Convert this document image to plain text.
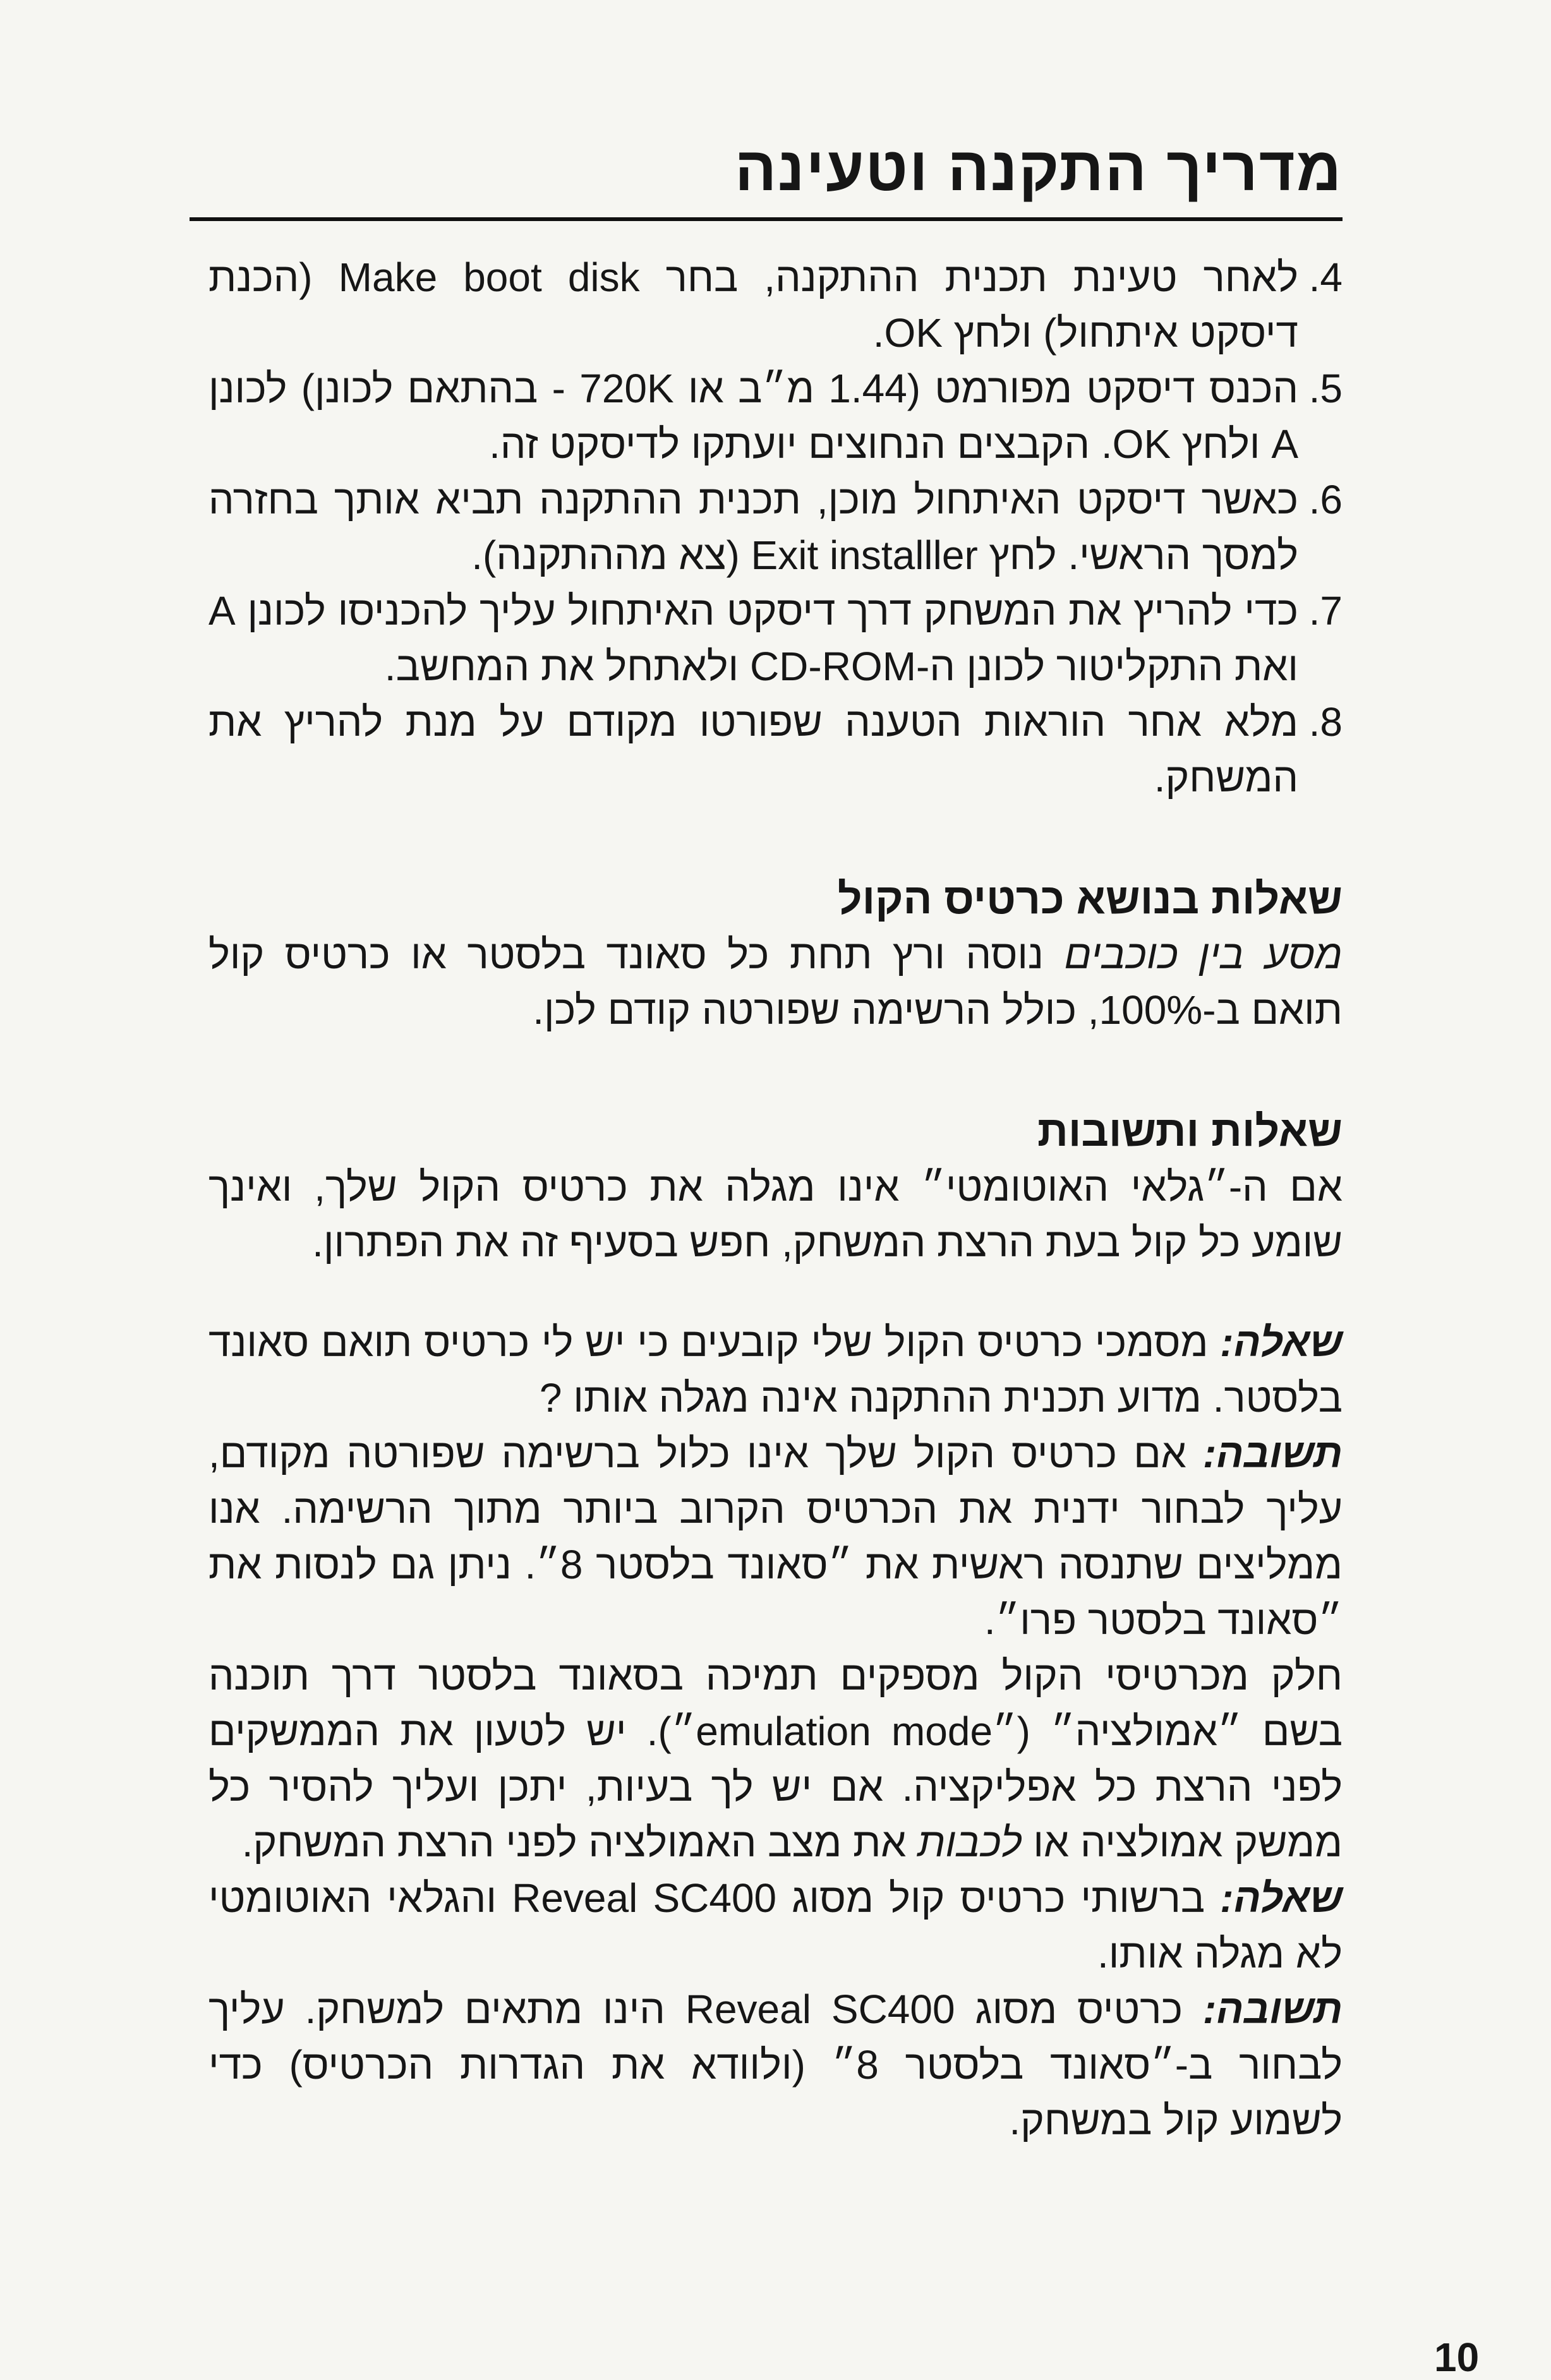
מדריך התקנה וטעינה
4.
לאחר טעינת תכנית ההתקנה, בחר Make boot disk (הכנת דיסקט איתחול) ולחץ OK.
5.
הכנס דיסקט מפורמט (1.44 מ״ב או 720K - בהתאם לכונן) לכונן A ולחץ OK. הקבצים הנחוצים יועתקו לדיסקט זה.
6.
כאשר דיסקט האיתחול מוכן, תכנית ההתקנה תביא אותך בחזרה למסך הראשי. לחץ Exit installler (צא מההתקנה).
7.
כדי להריץ את המשחק דרך דיסקט האיתחול עליך להכניסו לכונן A ואת התקליטור לכונן ה-CD-ROM ולאתחל את המחשב.
8.
מלא אחר הוראות הטענה שפורטו מקודם על מנת להריץ את המשחק.
שאלות בנושא כרטיס הקול

מסע בין כוכבים נוסה ורץ תחת כל סאונד בלסטר או כרטיס קול תואם ב-100%, כולל הרשימה שפורטה קודם לכן.

שאלות ותשובות

אם ה-״גלאי האוטומטי״ אינו מגלה את כרטיס הקול שלך, ואינך שומע כל קול בעת הרצת המשחק, חפש בסעיף זה את הפתרון.

שאלה: מסמכי כרטיס הקול שלי קובעים כי יש לי כרטיס תואם סאונד בלסטר. מדוע תכנית ההתקנה אינה מגלה אותו ?

תשובה: אם כרטיס הקול שלך אינו כלול ברשימה שפורטה מקודם, עליך לבחור ידנית את הכרטיס הקרוב ביותר מתוך הרשימה. אנו ממליצים שתנסה ראשית את ״סאונד בלסטר 8״. ניתן גם לנסות את ״סאונד בלסטר פרו״.

חלק מכרטיסי הקול מספקים תמיכה בסאונד בלסטר דרך תוכנה בשם ״אמולציה״ (״emulation mode״). יש לטעון את הממשקים לפני הרצת כל אפליקציה. אם יש לך בעיות, יתכן ועליך להסיר כל ממשק אמולציה או לכבות את מצב האמולציה לפני הרצת המשחק.

שאלה: ברשותי כרטיס קול מסוג Reveal SC400 והגלאי האוטומטי לא מגלה אותו.

תשובה: כרטיס מסוג Reveal SC400 הינו מתאים למשחק. עליך לבחור ב-״סאונד בלסטר 8״ (ולוודא את הגדרות הכרטיס) כדי לשמוע קול במשחק.

10
